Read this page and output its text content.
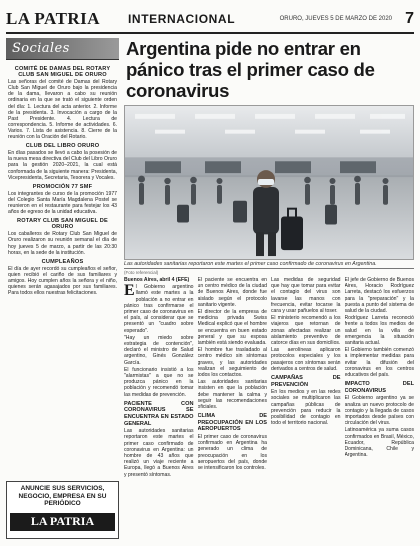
LA PATRIA	INTERNACIONAL	ORURO, JUEVES 5 DE MARZO DE 2020 7
Sociales
COMITÉ DE DAMAS DEL ROTARY CLUB SAN MIGUEL DE ORURO

Las señoras del comité de Damas del Rotary Club San Miguel de Oruro bajo la presidencia de la dama, llevaron a cabo su reunión ordinaria en la que se trató el siguiente orden del día: 1. Lectura del acta anterior. 2. Informe de la presidenta. 3. Invocación a cargo de la Past Presidente. 4. Lectura de correspondencia. 5. Informe de actividades. 6. Varios. 7. Lista de asistencia. 8. Cierre de la reunión con la Oración del Rotario.

CLUB DEL LIBRO ORURO

En días pasados se llevó a cabo la posesión de la nueva mesa directiva del Club del Libro Oruro para la gestión 2020–2021, la cual está conformada de la siguiente manera: Presidenta, Vicepresidenta, Secretaria, Tesorera y Vocales.

PROMOCIÓN 77 SMF

Los integrantes de curso de la promoción 1977 del Colegio Santa María Magdalena Postel se reunieron en el restaurante para festejar los 43 años de egreso de la unidad educativa.

ROTARY CLUB SAN MIGUEL DE ORURO

Los caballeros de Rotary Club San Miguel de Oruro realizaron su reunión semanal el día de hoy jueves 5 de marzo, a partir de las 20:30 horas, en la sede de la institución.

CUMPLEAÑOS

El día de ayer recordó su cumpleaños el señor, quien recibió el cariño de sus familiares y amigos. Hoy cumplen años la señora y el niño, quienes serán agasajados por sus familiares. Para todos ellos nuestras felicitaciones.

ANUNCIE SUS SERVICIOS, NEGOCIO, EMPRESA EN SU PERIÓDICO
LA PATRIA
Argentina pide no entrar en pánico tras el primer caso de coronavirus
Las autoridades sanitarias reportaron este martes el primer caso confirmado de coronavirus en Argentina.
(Foto referencial)

Buenos Aires, abril 4 (EFE)

El Gobierno argentino llamó este martes a la población a no entrar en pánico tras confirmarse el primer caso de coronavirus en el país, al considerar que se presentó un "cuadro sobre esperado".

"Hay un miedo sobre estrategia de contención", declaró el ministro de Salud argentino, Ginés González García.

El funcionario insistió a los "alarmistas" a que no se produzca pánico en la población y recomendó tomar las medidas de prevención.

PACIENTE CON CORONAVIRUS SE ENCUENTRA EN ESTADO GENERAL

Las autoridades sanitarias reportaron este martes el primer caso confirmado de coronavirus en Argentina: un hombre de 43 años que realizó un viaje reciente a Europa, llegó a Buenos Aires y presentó síntomas.

El paciente se encuentra en un centro médico de la ciudad de Buenos Aires, donde fue aislado según el protocolo sanitario vigente.

El director de la empresa de medicina privada Swiss Medical explicó que el hombre se encuentra en buen estado general y que su esposa también está siendo evaluada.

El hombre fue trasladado al centro médico sin síntomas graves, y las autoridades realizan el seguimiento de todos los contactos.

Las autoridades sanitarias insisten en que la población debe mantener la calma y seguir las recomendaciones oficiales.

CLIMA DE PREOCUPACIÓN EN LOS AEROPUERTOS

El primer caso de coronavirus confirmado en Argentina ha generado un clima de preocupación en los aeropuertos del país, donde se intensificaron los controles.

Las medidas de seguridad que hay que tomar para evitar el contagio del virus son lavarse las manos con frecuencia, evitar tocarse la cara y usar pañuelos al toser.

El ministerio recomendó a los viajeros que retornan de zonas afectadas realizar un aislamiento preventivo de catorce días en sus domicilios.

Las aerolíneas aplicaron protocolos especiales y los pasajeros con síntomas serán derivados a centros de salud.

CAMPAÑAS DE PREVENCIÓN

En los medios y en las redes sociales se multiplicaron las campañas públicas de prevención para reducir la posibilidad de contagio en todo el territorio nacional.

El jefe de Gobierno de Buenos Aires, Horacio Rodríguez Larreta, destacó los esfuerzos para la "preparación" y la puesta a punto del sistema de salud de la ciudad.

Rodríguez Larreta reconoció frente a todos los medios de salud en la villa de emergencia la situación sanitaria actual.

El Gobierno también comenzó a implementar medidas para evitar la difusión del coronavirus en los centros educativos del país.

IMPACTO DEL CORONAVIRUS

El Gobierno argentino ya se analiza un nuevo protocolo de contagio y la llegada de casos importados desde países con circulación del virus.

Latinoamérica ya suma casos confirmados en Brasil, México, Ecuador, República Dominicana, Chile y Argentina.
